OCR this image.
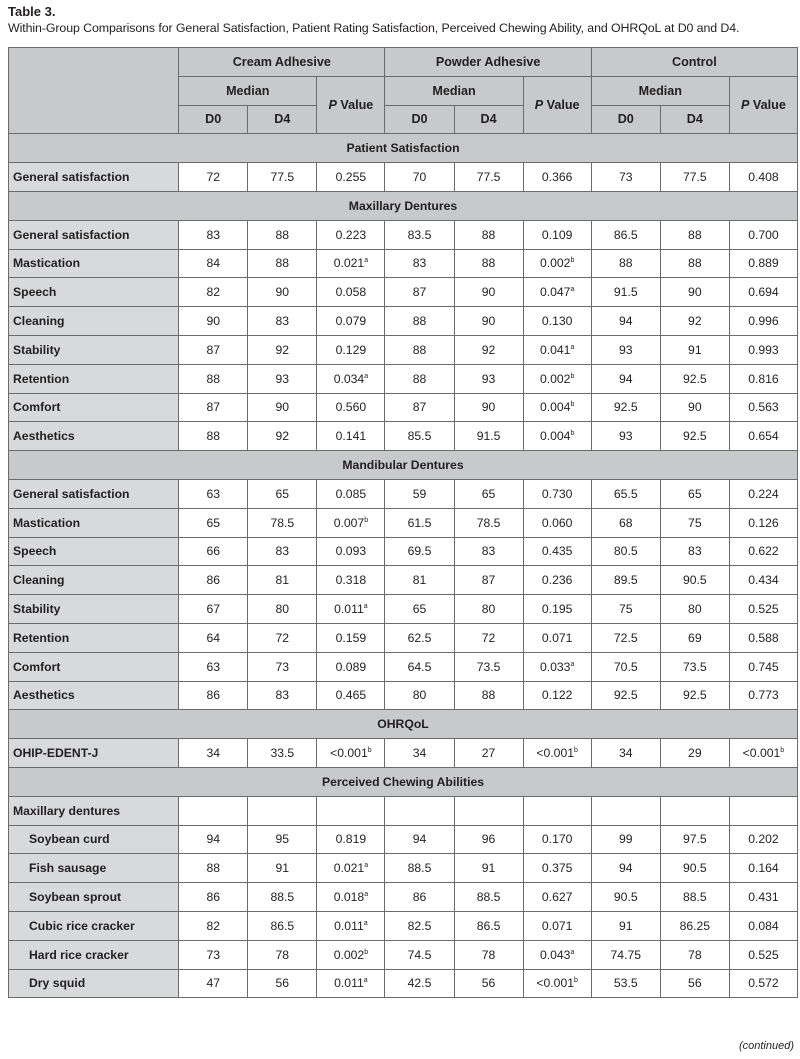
Table 3.
Within-Group Comparisons for General Satisfaction, Patient Rating Satisfaction, Perceived Chewing Ability, and OHRQoL at D0 and D4.
	Cream Adhesive			Powder Adhesive			Control		
	Median		P Value	Median		P Value	Median		P Value
	D0	D4		D0	D4		D0	D4	
Patient Satisfaction									
General satisfaction	72	77.5	0.255	70	77.5	0.366	73	77.5	0.408
Maxillary Dentures									
General satisfaction	83	88	0.223	83.5	88	0.109	86.5	88	0.700
Mastication	84	88	0.021$^a$	83	88	0.002$^b$	88	88	0.889
Speech	82	90	0.058	87	90	0.047$^a$	91.5	90	0.694
Cleaning	90	83	0.079	88	90	0.130	94	92	0.996
Stability	87	92	0.129	88	92	0.041$^a$	93	91	0.993
Retention	88	93	0.034$^a$	88	93	0.002$^b$	94	92.5	0.816
Comfort	87	90	0.560	87	90	0.004$^b$	92.5	90	0.563
Aesthetics	88	92	0.141	85.5	91.5	0.004$^b$	93	92.5	0.654
Mandibular Dentures									
General satisfaction	63	65	0.085	59	65	0.730	65.5	65	0.224
Mastication	65	78.5	0.007$^b$	61.5	78.5	0.060	68	75	0.126
Speech	66	83	0.093	69.5	83	0.435	80.5	83	0.622
Cleaning	86	81	0.318	81	87	0.236	89.5	90.5	0.434
Stability	67	80	0.011$^a$	65	80	0.195	75	80	0.525
Retention	64	72	0.159	62.5	72	0.071	72.5	69	0.588
Comfort	63	73	0.089	64.5	73.5	0.033$^a$	70.5	73.5	0.745
Aesthetics	86	83	0.465	80	88	0.122	92.5	92.5	0.773
OHRQoL									
OHIP-EDENT-J	34	33.5	<0.001$^b$	34	27	<0.001$^b$	34	29	<0.001$^b$
Perceived Chewing Abilities									
Maxillary dentures									
Soybean curd	94	95	0.819	94	96	0.170	99	97.5	0.202
Fish sausage	88	91	0.021$^a$	88.5	91	0.375	94	90.5	0.164
Soybean sprout	86	88.5	0.018$^a$	86	88.5	0.627	90.5	88.5	0.431
Cubic rice cracker	82	86.5	0.011$^a$	82.5	86.5	0.071	91	86.25	0.084
Hard rice cracker	73	78	0.002$^b$	74.5	78	0.043$^a$	74.75	78	0.525
Dry squid	47	56	0.011$^a$	42.5	56	<0.001$^b$	53.5	56	0.572
(continued)
